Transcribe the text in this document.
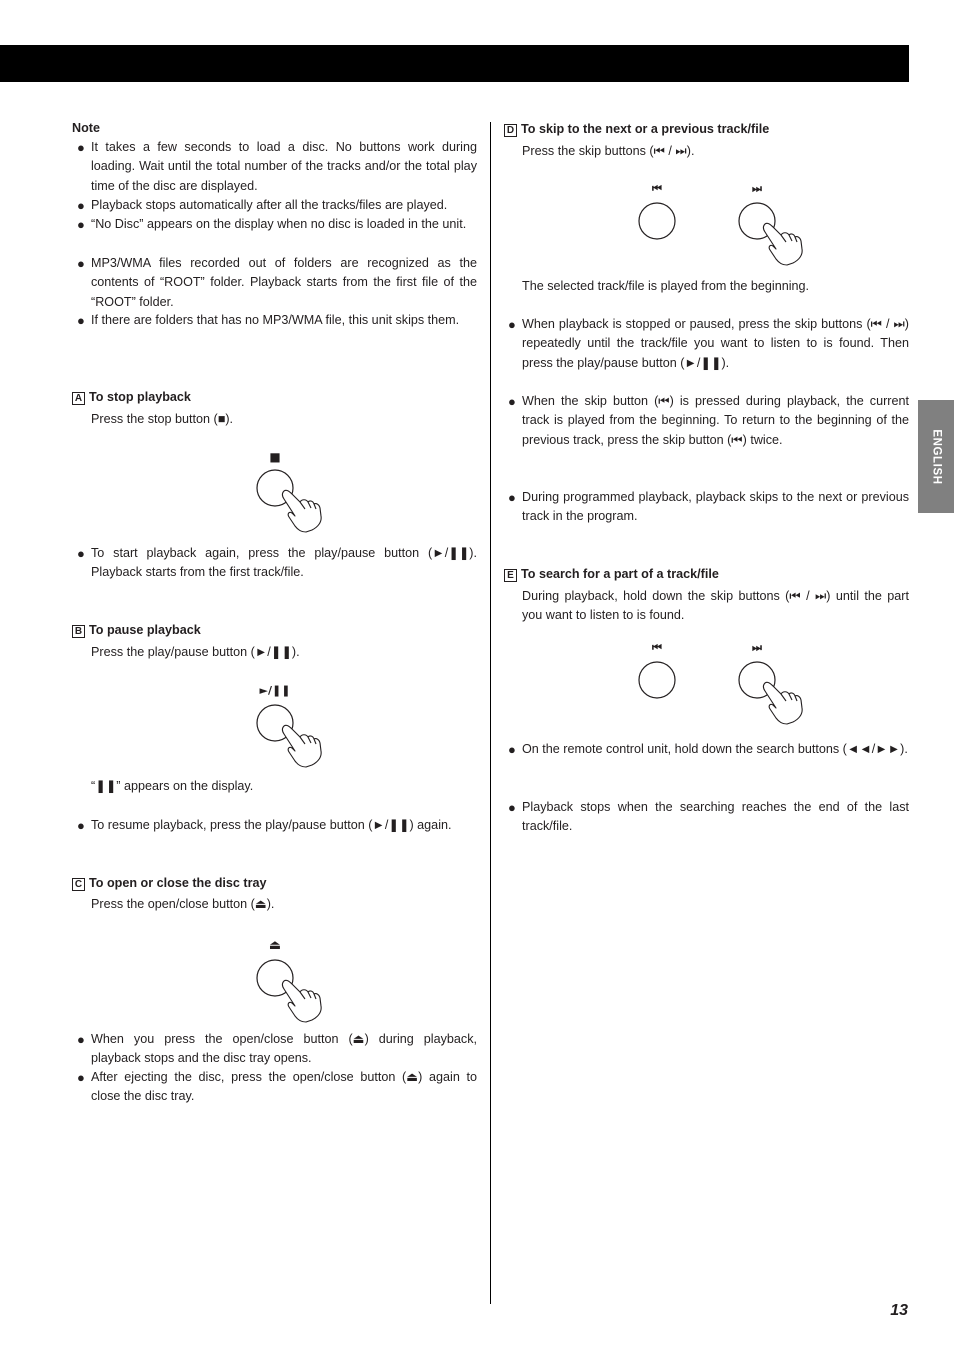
ENGLISH
Note
● It takes a few seconds to load a disc. No buttons work during loading. Wait until the total number of the tracks and/or the total play time of the disc are displayed.
● Playback stops automatically after all the tracks/files are played.
● “No Disc” appears on the display when no disc is loaded in the unit.
● MP3/WMA files recorded out of folders are recognized as the contents of “ROOT” folder. Playback starts from the first file of the “ROOT” folder.
● If there are folders that has no MP3/WMA file, this unit skips them.
A To stop playback
Press the stop button (■).
■
● To start playback again, press the play/pause button (►/❚❚). Playback starts from the first track/file.
B To pause playback
Press the play/pause button (►/❚❚).
►/❚❚
“❚❚” appears on the display.
● To resume playback, press the play/pause button (►/❚❚) again.
C To open or close the disc tray
Press the open/close button (⏏).
⏏
● When you press the open/close button (⏏) during playback, playback stops and the disc tray opens.
● After ejecting the disc, press the open/close button (⏏) again to close the disc tray.
D To skip to the next or a previous track/file
Press the skip buttons (⏮ / ⏭).
⏮	⏭
The selected track/file is played from the beginning.
● When playback is stopped or paused, press the skip buttons (⏮ / ⏭) repeatedly until the track/file you want to listen to is found. Then press the play/pause button (►/❚❚).
● When the skip button (⏮) is pressed during playback, the current track is played from the beginning. To return to the beginning of the previous track, press the skip button (⏮) twice.
● During programmed playback, playback skips to the next or previous track in the program.
E To search for a part of a track/file
During playback, hold down the skip buttons (⏮ / ⏭) until the part you want to listen to is found.
⏮	⏭
● On the remote control unit, hold down the search buttons (◄◄/►►).
● Playback stops when the searching reaches the end of the last track/file.
13
